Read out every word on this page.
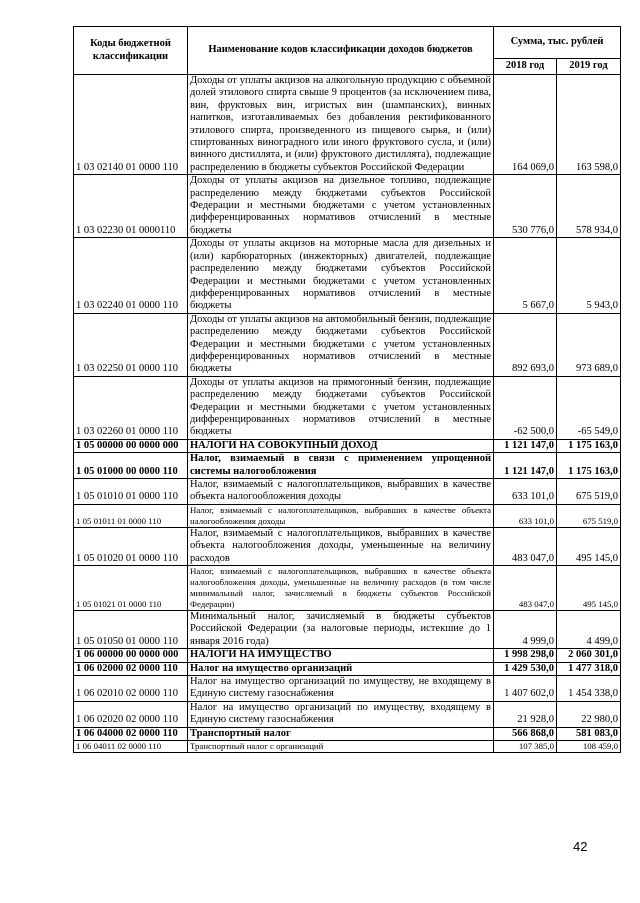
Коды бюджетной классификации	Наименование кодов классификации доходов бюджетов	Сумма, тыс. рублей	
		2018 год	2019 год
1 03 02140 01 0000 110	Доходы от уплаты акцизов на алкогольную продукцию с объемной долей этилового спирта свыше 9 процентов (за исключением пива, вин, фруктовых вин, игристых вин (шампанских), винных напитков, изготавливаемых без добавления ректификованного этилового спирта, произведенного из пищевого сырья, и (или) спиртованных виноградного или иного фруктового сусла, и (или) винного дистиллята, и (или) фруктового дистиллята), подлежащие распределению в бюджеты субъектов Российской Федерации	164 069,0	163 598,0
1 03 02230 01 0000110	Доходы от уплаты акцизов на дизельное топливо, подлежащие распределению между бюджетами субъектов Российской Федерации и местными бюджетами с учетом установленных дифференцированных нормативов отчислений в местные бюджеты	530 776,0	578 934,0
1 03 02240 01 0000 110	Доходы от уплаты акцизов на моторные масла для дизельных и (или) карбюраторных (инжекторных) двигателей, подлежащие распределению между бюджетами субъектов Российской Федерации и местными бюджетами с учетом установленных дифференцированных нормативов отчислений в местные бюджеты	5 667,0	5 943,0
1 03 02250 01 0000 110	Доходы от уплаты акцизов на автомобильный бензин, подлежащие распределению между бюджетами субъектов Российской Федерации и местными бюджетами с учетом установленных дифференцированных нормативов отчислений в местные бюджеты	892 693,0	973 689,0
1 03 02260 01 0000 110	Доходы от уплаты акцизов на прямогонный бензин, подлежащие распределению между бюджетами субъектов Российской Федерации и местными бюджетами с учетом установленных дифференцированных нормативов отчислений в местные бюджеты	-62 500,0	-65 549,0
1 05 00000 00 0000 000	НАЛОГИ НА СОВОКУПНЫЙ ДОХОД	1 121 147,0	1 175 163,0
1 05 01000 00 0000 110	Налог, взимаемый в связи с применением упрощенной системы налогообложения	1 121 147,0	1 175 163,0
1 05 01010 01 0000 110	Налог, взимаемый с налогоплательщиков, выбравших в качестве объекта налогообложения доходы	633 101,0	675 519,0
1 05 01011 01 0000 110	Налог, взимаемый с налогоплательщиков, выбравших в качестве объекта налогообложения доходы	633 101,0	675 519,0
1 05 01020 01 0000 110	Налог, взимаемый с налогоплательщиков, выбравших в качестве объекта налогообложения доходы, уменьшенные на величину расходов	483 047,0	495 145,0
1 05 01021 01 0000 110	Налог, взимаемый с налогоплательщиков, выбравших в качестве объекта налогообложения доходы, уменьшенные на величину расходов (в том числе минимальный налог, зачисляемый в бюджеты субъектов Российской Федерации)	483 047,0	495 145,0
1 05 01050 01 0000 110	Минимальный налог, зачисляемый в бюджеты субъектов Российской Федерации (за налоговые периоды, истекшие до 1 января 2016 года)	4 999,0	4 499,0
1 06 00000 00 0000 000	НАЛОГИ НА ИМУЩЕСТВО	1 998 298,0	2 060 301,0
1 06 02000 02 0000 110	Налог на имущество организаций	1 429 530,0	1 477 318,0
1 06 02010 02 0000 110	Налог на имущество организаций по имуществу, не входящему в Единую систему газоснабжения	1 407 602,0	1 454 338,0
1 06 02020 02 0000 110	Налог на имущество организаций по имуществу, входящему в Единую систему газоснабжения	21 928,0	22 980,0
1 06 04000 02 0000 110	Транспортный налог	566 868,0	581 083,0
1 06 04011 02 0000 110	Транспортный налог с организаций	107 385,0	108 459,0
42
